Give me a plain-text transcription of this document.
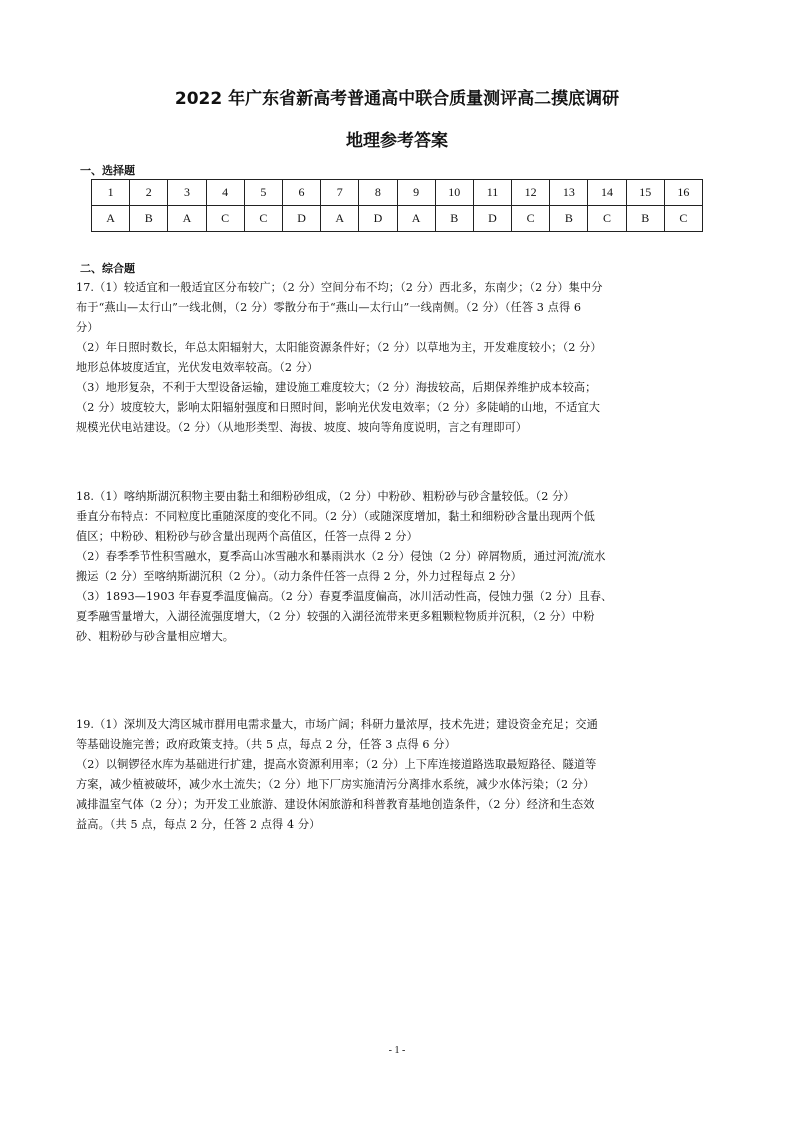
2022 年广东省新高考普通高中联合质量测评高二摸底调研
地理参考答案
一、选择题
1	2	3	4	5	6	7	8	9	10	11	12	13	14	15	16
A	B	A	C	C	D	A	D	A	B	D	C	B	C	B	C
二、综合题

17.（1）较适宜和一般适宜区分布较广；（2 分）空间分布不均；（2 分）西北多，东南少；（2 分）集中分

布于“燕山—太行山”一线北侧，（2 分）零散分布于“燕山—太行山”一线南侧。（2 分）（任答 3 点得 6

分）

（2）年日照时数长，年总太阳辐射大，太阳能资源条件好；（2 分）以草地为主，开发难度较小；（2 分）

地形总体坡度适宜，光伏发电效率较高。（2 分）

（3）地形复杂，不利于大型设备运输，建设施工难度较大；（2 分）海拔较高，后期保养维护成本较高；

（2 分）坡度较大，影响太阳辐射强度和日照时间，影响光伏发电效率；（2 分）多陡峭的山地，不适宜大

规模光伏电站建设。（2 分）（从地形类型、海拔、坡度、坡向等角度说明，言之有理即可）

18.（1）喀纳斯湖沉积物主要由黏土和细粉砂组成，（2 分）中粉砂、粗粉砂与砂含量较低。（2 分）

垂直分布特点：不同粒度比重随深度的变化不同。（2 分）（或随深度增加，黏土和细粉砂含量出现两个低

值区；中粉砂、粗粉砂与砂含量出现两个高值区，任答一点得 2 分）

（2）春季季节性积雪融水，夏季高山冰雪融水和暴雨洪水（2 分）侵蚀（2 分）碎屑物质，通过河流/流水

搬运（2 分）至喀纳斯湖沉积（2 分）。（动力条件任答一点得 2 分，外力过程每点 2 分）

（3）1893—1903 年春夏季温度偏高。（2 分）春夏季温度偏高，冰川活动性高，侵蚀力强（2 分）且春、

夏季融雪量增大，入湖径流强度增大，（2 分）较强的入湖径流带来更多粗颗粒物质并沉积，（2 分）中粉

砂、粗粉砂与砂含量相应增大。

19.（1）深圳及大湾区城市群用电需求量大，市场广阔；科研力量浓厚，技术先进；建设资金充足；交通

等基础设施完善；政府政策支持。（共 5 点，每点 2 分，任答 3 点得 6 分）

（2）以铜锣径水库为基础进行扩建，提高水资源利用率；（2 分）上下库连接道路选取最短路径、隧道等

方案，减少植被破坏，减少水土流失；（2 分）地下厂房实施清污分离排水系统，减少水体污染；（2 分）

减排温室气体（2 分）；为开发工业旅游、建设休闲旅游和科普教育基地创造条件，（2 分）经济和生态效

益高。（共 5 点，每点 2 分，任答 2 点得 4 分）

- 1 -
